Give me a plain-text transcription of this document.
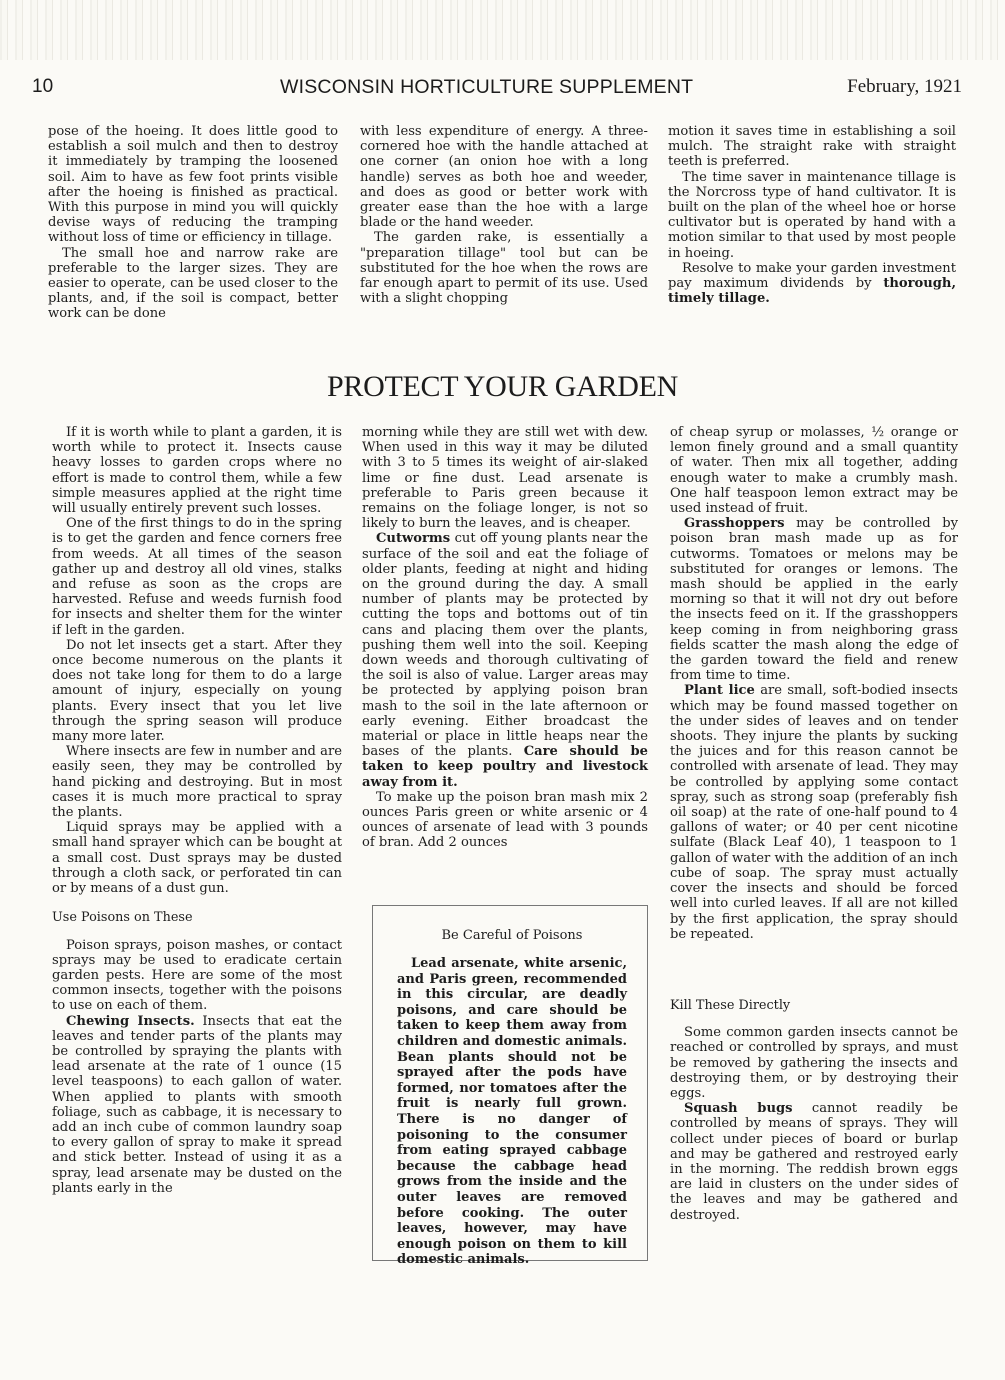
10	WISCONSIN HORTICULTURE SUPPLEMENT	February, 1921

pose of the hoeing. It does little good to establish a soil mulch and then to destroy it immediately by tramping the loosened soil. Aim to have as few foot prints visible after the hoeing is finished as practical. With this purpose in mind you will quickly devise ways of reducing the tramping without loss of time or efficiency in tillage.

The small hoe and narrow rake are preferable to the larger sizes. They are easier to operate, can be used closer to the plants, and, if the soil is compact, better work can be done

with less expenditure of energy. A three-cornered hoe with the handle attached at one corner (an onion hoe with a long handle) serves as both hoe and weeder, and does as good or better work with greater ease than the hoe with a large blade or the hand weeder.

The garden rake, is essentially a "preparation tillage" tool but can be substituted for the hoe when the rows are far enough apart to permit of its use. Used with a slight chopping

motion it saves time in establishing a soil mulch. The straight rake with straight teeth is preferred.

The time saver in maintenance tillage is the Norcross type of hand cultivator. It is built on the plan of the wheel hoe or horse cultivator but is operated by hand with a motion similar to that used by most people in hoeing.

Resolve to make your garden investment pay maximum dividends by thorough, timely tillage.

PROTECT YOUR GARDEN

If it is worth while to plant a garden, it is worth while to protect it. Insects cause heavy losses to garden crops where no effort is made to control them, while a few simple measures applied at the right time will usually entirely prevent such losses.

One of the first things to do in the spring is to get the garden and fence corners free from weeds. At all times of the season gather up and destroy all old vines, stalks and refuse as soon as the crops are harvested. Refuse and weeds furnish food for insects and shelter them for the winter if left in the garden.

Do not let insects get a start. After they once become numerous on the plants it does not take long for them to do a large amount of injury, especially on young plants. Every insect that you let live through the spring season will produce many more later.

Where insects are few in number and are easily seen, they may be controlled by hand picking and destroying. But in most cases it is much more practical to spray the plants.

Liquid sprays may be applied with a small hand sprayer which can be bought at a small cost. Dust sprays may be dusted through a cloth sack, or perforated tin can or by means of a dust gun.

Use Poisons on These

Poison sprays, poison mashes, or contact sprays may be used to eradicate certain garden pests. Here are some of the most common insects, together with the poisons to use on each of them.

Chewing Insects. Insects that eat the leaves and tender parts of the plants may be controlled by spraying the plants with lead arsenate at the rate of 1 ounce (15 level teaspoons) to each gallon of water. When applied to plants with smooth foliage, such as cabbage, it is necessary to add an inch cube of common laundry soap to every gallon of spray to make it spread and stick better. Instead of using it as a spray, lead arsenate may be dusted on the plants early in the

morning while they are still wet with dew. When used in this way it may be diluted with 3 to 5 times its weight of air-slaked lime or fine dust. Lead arsenate is preferable to Paris green because it remains on the foliage longer, is not so likely to burn the leaves, and is cheaper.

Cutworms cut off young plants near the surface of the soil and eat the foliage of older plants, feeding at night and hiding on the ground during the day. A small number of plants may be protected by cutting the tops and bottoms out of tin cans and placing them over the plants, pushing them well into the soil. Keeping down weeds and thorough cultivating of the soil is also of value. Larger areas may be protected by applying poison bran mash to the soil in the late afternoon or early evening. Either broadcast the material or place in little heaps near the bases of the plants. Care should be taken to keep poultry and livestock away from it.

To make up the poison bran mash mix 2 ounces Paris green or white arsenic or 4 ounces of arsenate of lead with 3 pounds of bran. Add 2 ounces

Be Careful of Poisons
Lead arsenate, white arsenic, and Paris green, recommended in this circular, are deadly poisons, and care should be taken to keep them away from children and domestic animals. Bean plants should not be sprayed after the pods have formed, nor tomatoes after the fruit is nearly full grown. There is no danger of poisoning to the consumer from eating sprayed cabbage because the cabbage head grows from the inside and the outer leaves are removed before cooking. The outer leaves, however, may have enough poison on them to kill domestic animals.

of cheap syrup or molasses, ½ orange or lemon finely ground and a small quantity of water. Then mix all together, adding enough water to make a crumbly mash. One half teaspoon lemon extract may be used instead of fruit.

Grasshoppers may be controlled by poison bran mash made up as for cutworms. Tomatoes or melons may be substituted for oranges or lemons. The mash should be applied in the early morning so that it will not dry out before the insects feed on it. If the grasshoppers keep coming in from neighboring grass fields scatter the mash along the edge of the garden toward the field and renew from time to time.

Plant lice are small, soft-bodied insects which may be found massed together on the under sides of leaves and on tender shoots. They injure the plants by sucking the juices and for this reason cannot be controlled with arsenate of lead. They may be controlled by applying some contact spray, such as strong soap (preferably fish oil soap) at the rate of one-half pound to 4 gallons of water; or 40 per cent nicotine sulfate (Black Leaf 40), 1 teaspoon to 1 gallon of water with the addition of an inch cube of soap. The spray must actually cover the insects and should be forced well into curled leaves. If all are not killed by the first application, the spray should be repeated.

Kill These Directly

Some common garden insects cannot be reached or controlled by sprays, and must be removed by gathering the insects and destroying them, or by destroying their eggs.

Squash bugs cannot readily be controlled by means of sprays. They will collect under pieces of board or burlap and may be gathered and restroyed early in the morning. The reddish brown eggs are laid in clusters on the under sides of the leaves and may be gathered and destroyed.
